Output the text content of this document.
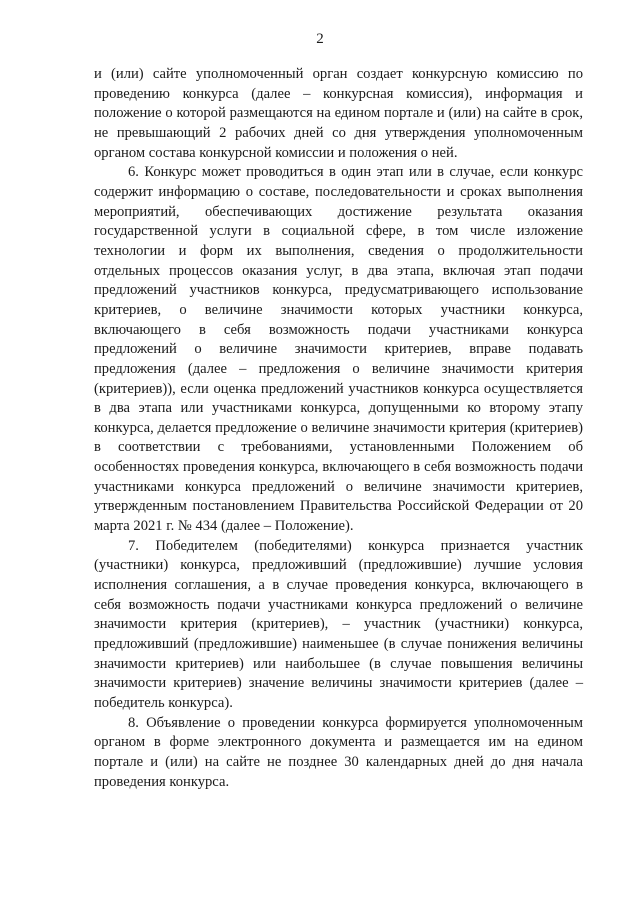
2

и (или) сайте уполномоченный орган создает конкурсную комиссию по проведению конкурса (далее – конкурсная комиссия), информация и положение о которой размещаются на едином портале и (или) на сайте в срок, не превышающий 2 рабочих дней со дня утверждения уполномоченным органом состава конкурсной комиссии и положения о ней.

6. Конкурс может проводиться в один этап или в случае, если конкурс содержит информацию о составе, последовательности и сроках выполнения мероприятий, обеспечивающих достижение результата оказания государственной услуги в социальной сфере, в том числе изложение технологии и форм их выполнения, сведения о продолжительности отдельных процессов оказания услуг, в два этапа, включая этап подачи предложений участников конкурса, предусматривающего использование критериев, о величине значимости которых участники конкурса, включающего в себя возможность подачи участниками конкурса предложений о величине значимости критериев, вправе подавать предложения (далее – предложения о величине значимости критерия (критериев)), если оценка предложений участников конкурса осуществляется в два этапа или участниками конкурса, допущенными ко второму этапу конкурса, делается предложение о величине значимости критерия (критериев) в соответствии с требованиями, установленными Положением об особенностях проведения конкурса, включающего в себя возможность подачи участниками конкурса предложений о величине значимости критериев, утвержденным постановлением Правительства Российской Федерации от 20 марта 2021 г. № 434 (далее – Положение).

7. Победителем (победителями) конкурса признается участник (участники) конкурса, предложивший (предложившие) лучшие условия исполнения соглашения, а в случае проведения конкурса, включающего в себя возможность подачи участниками конкурса предложений о величине значимости критерия (критериев), – участник (участники) конкурса, предложивший (предложившие) наименьшее (в случае понижения величины значимости критериев) или наибольшее (в случае повышения величины значимости критериев) значение величины значимости критериев (далее – победитель конкурса).

8. Объявление о проведении конкурса формируется уполномоченным органом в форме электронного документа и размещается им на едином портале и (или) на сайте не позднее 30 календарных дней до дня начала проведения конкурса.
